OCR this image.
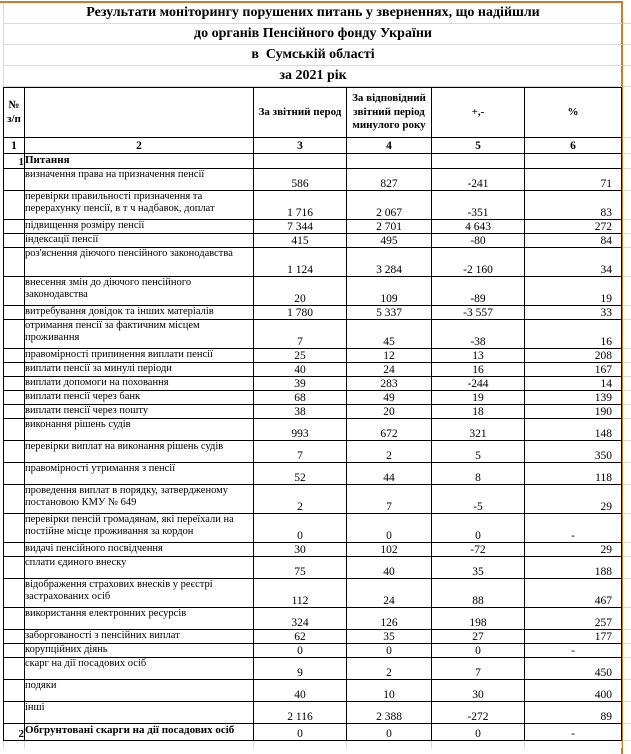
Результати моніторингу порушених питань у зверненнях, що надійшли
до органів Пенсійного фонду України
в  Сумській області
за 2021 рік
№ з/п		За звітний перод	За відповідний звітний період минулого року	+,-	%
1	2	3	4	5	6
1	Питання				
	визначення права на призначення пенсії	586	827	-241	71
	перевірки правильності призначення та перерахунку пенсії, в т ч надбавок, доплат	1 716	2 067	-351	83
	підвищення розміру пенсії	7 344	2 701	4 643	272
	індексації пенсії	415	495	-80	84
	роз'яснення діючого пенсійного законодавства	1 124	3 284	-2 160	34
	внесення змін до діючого пенсійного законодавства	20	109	-89	19
	витребування довідок та інших матеріалів	1 780	5 337	-3 557	33
	отримання пенсії за фактичним місцем проживання	7	45	-38	16
	правомірності припинення виплати пенсії	25	12	13	208
	виплати пенсії за минулі періоди	40	24	16	167
	виплати допомоги на поховання	39	283	-244	14
	виплати пенсії через банк	68	49	19	139
	виплати пенсії через пошту	38	20	18	190
	виконання рішень судів	993	672	321	148
	перевірки виплат на виконання рішень судів	7	2	5	350
	правомірності утримання з пенсії	52	44	8	118
	проведення виплат в порядку, затвердженому постановою КМУ № 649	2	7	-5	29
	перевірки пенсій громадянам, які переїхали на постійне місце проживання за кордон	0	0	0	-
	видачі пенсійного посвідчення	30	102	-72	29
	сплати єдиного внеску	75	40	35	188
	відображення страхових внесків у реєстрі застрахованих осіб	112	24	88	467
	використання електронних ресурсів	324	126	198	257
	заборгованості з пенсійних виплат	62	35	27	177
	корупційних діянь	0	0	0	-
	скарг на дії посадових осіб	9	2	7	450
	подяки	40	10	30	400
	інші	2 116	2 388	-272	89
2	Обгрунтовані скарги на дії посадових осіб	0	0	0	-
